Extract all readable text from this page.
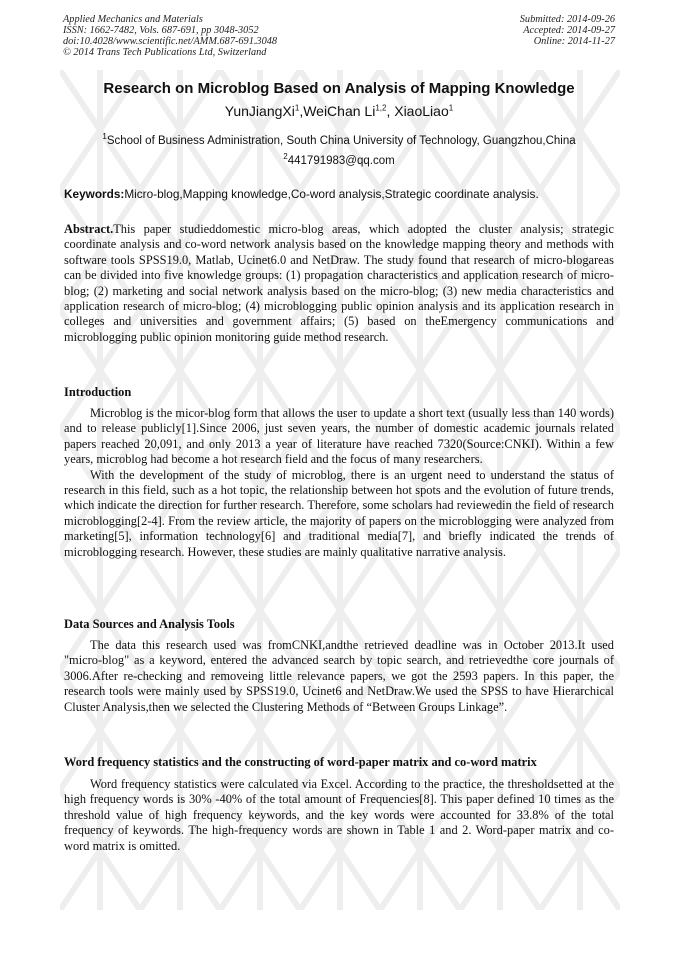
Applied Mechanics and Materials
ISSN: 1662-7482, Vols. 687-691, pp 3048-3052
doi:10.4028/www.scientific.net/AMM.687-691.3048
© 2014 Trans Tech Publications Ltd, Switzerland
Submitted: 2014-09-26
Accepted: 2014-09-27
Online: 2014-11-27
Research on Microblog Based on Analysis of Mapping Knowledge
YunJiangXi$^1$,WeiChan Li$^{1,2}$, XiaoLiao$^1$
$^1$School of Business Administration, South China University of Technology, Guangzhou,China
$^2$441791983@qq.com
Keywords:Micro-blog,Mapping knowledge,Co-word analysis,Strategic coordinate analysis.

Abstract.This paper studieddomestic micro-blog areas, which adopted the cluster analysis; strategic coordinate analysis and co-word network analysis based on the knowledge mapping theory and methods with software tools SPSS19.0, Matlab, Ucinet6.0 and NetDraw. The study found that research of micro-blogareas can be divided into five knowledge groups: (1) propagation characteristics and application research of micro-blog; (2) marketing and social network analysis based on the micro-blog; (3) new media characteristics and application research of micro-blog; (4) microblogging public opinion analysis and its application research in colleges and universities and government affairs; (5) based on theEmergency communications and microblogging public opinion monitoring guide method research.

Introduction

Microblog is the micor-blog form that allows the user to update a short text (usually less than 140 words) and to release publicly[1].Since 2006, just seven years, the number of domestic academic journals related papers reached 20,091, and only 2013 a year of literature have reached 7320(Source:CNKI). Within a few years, microblog had become a hot research field and the focus of many researchers.

With the development of the study of microblog, there is an urgent need to understand the status of research in this field, such as a hot topic, the relationship between hot spots and the evolution of future trends, which indicate the direction for further research. Therefore, some scholars had reviewedin the field of research microblogging[2-4]. From the review article, the majority of papers on the microblogging were analyzed from marketing[5], information technology[6] and traditional media[7], and briefly indicated the trends of microblogging research. However, these studies are mainly qualitative narrative analysis.

Data Sources and Analysis Tools

The data this research used was fromCNKI,andthe retrieved deadline was in October 2013.It used "micro-blog" as a keyword, entered the advanced search by topic search, and retrievedthe core journals of 3006.After re-checking and removeing little relevance papers, we got the 2593 papers. In this paper, the research tools were mainly used by SPSS19.0, Ucinet6 and NetDraw.We used the SPSS to have Hierarchical Cluster Analysis,then we selected the Clustering Methods of “Between Groups Linkage”.

Word frequency statistics and the constructing of word-paper matrix and co-word matrix

Word frequency statistics were calculated via Excel. According to the practice, the thresholdsetted at the high frequency words is 30% -40% of the total amount of Frequencies[8]. This paper defined 10 times as the threshold value of high frequency keywords, and the key words were accounted for 33.8% of the total frequency of keywords. The high-frequency words are shown in Table 1 and 2. Word-paper matrix and co-word matrix is omitted.
